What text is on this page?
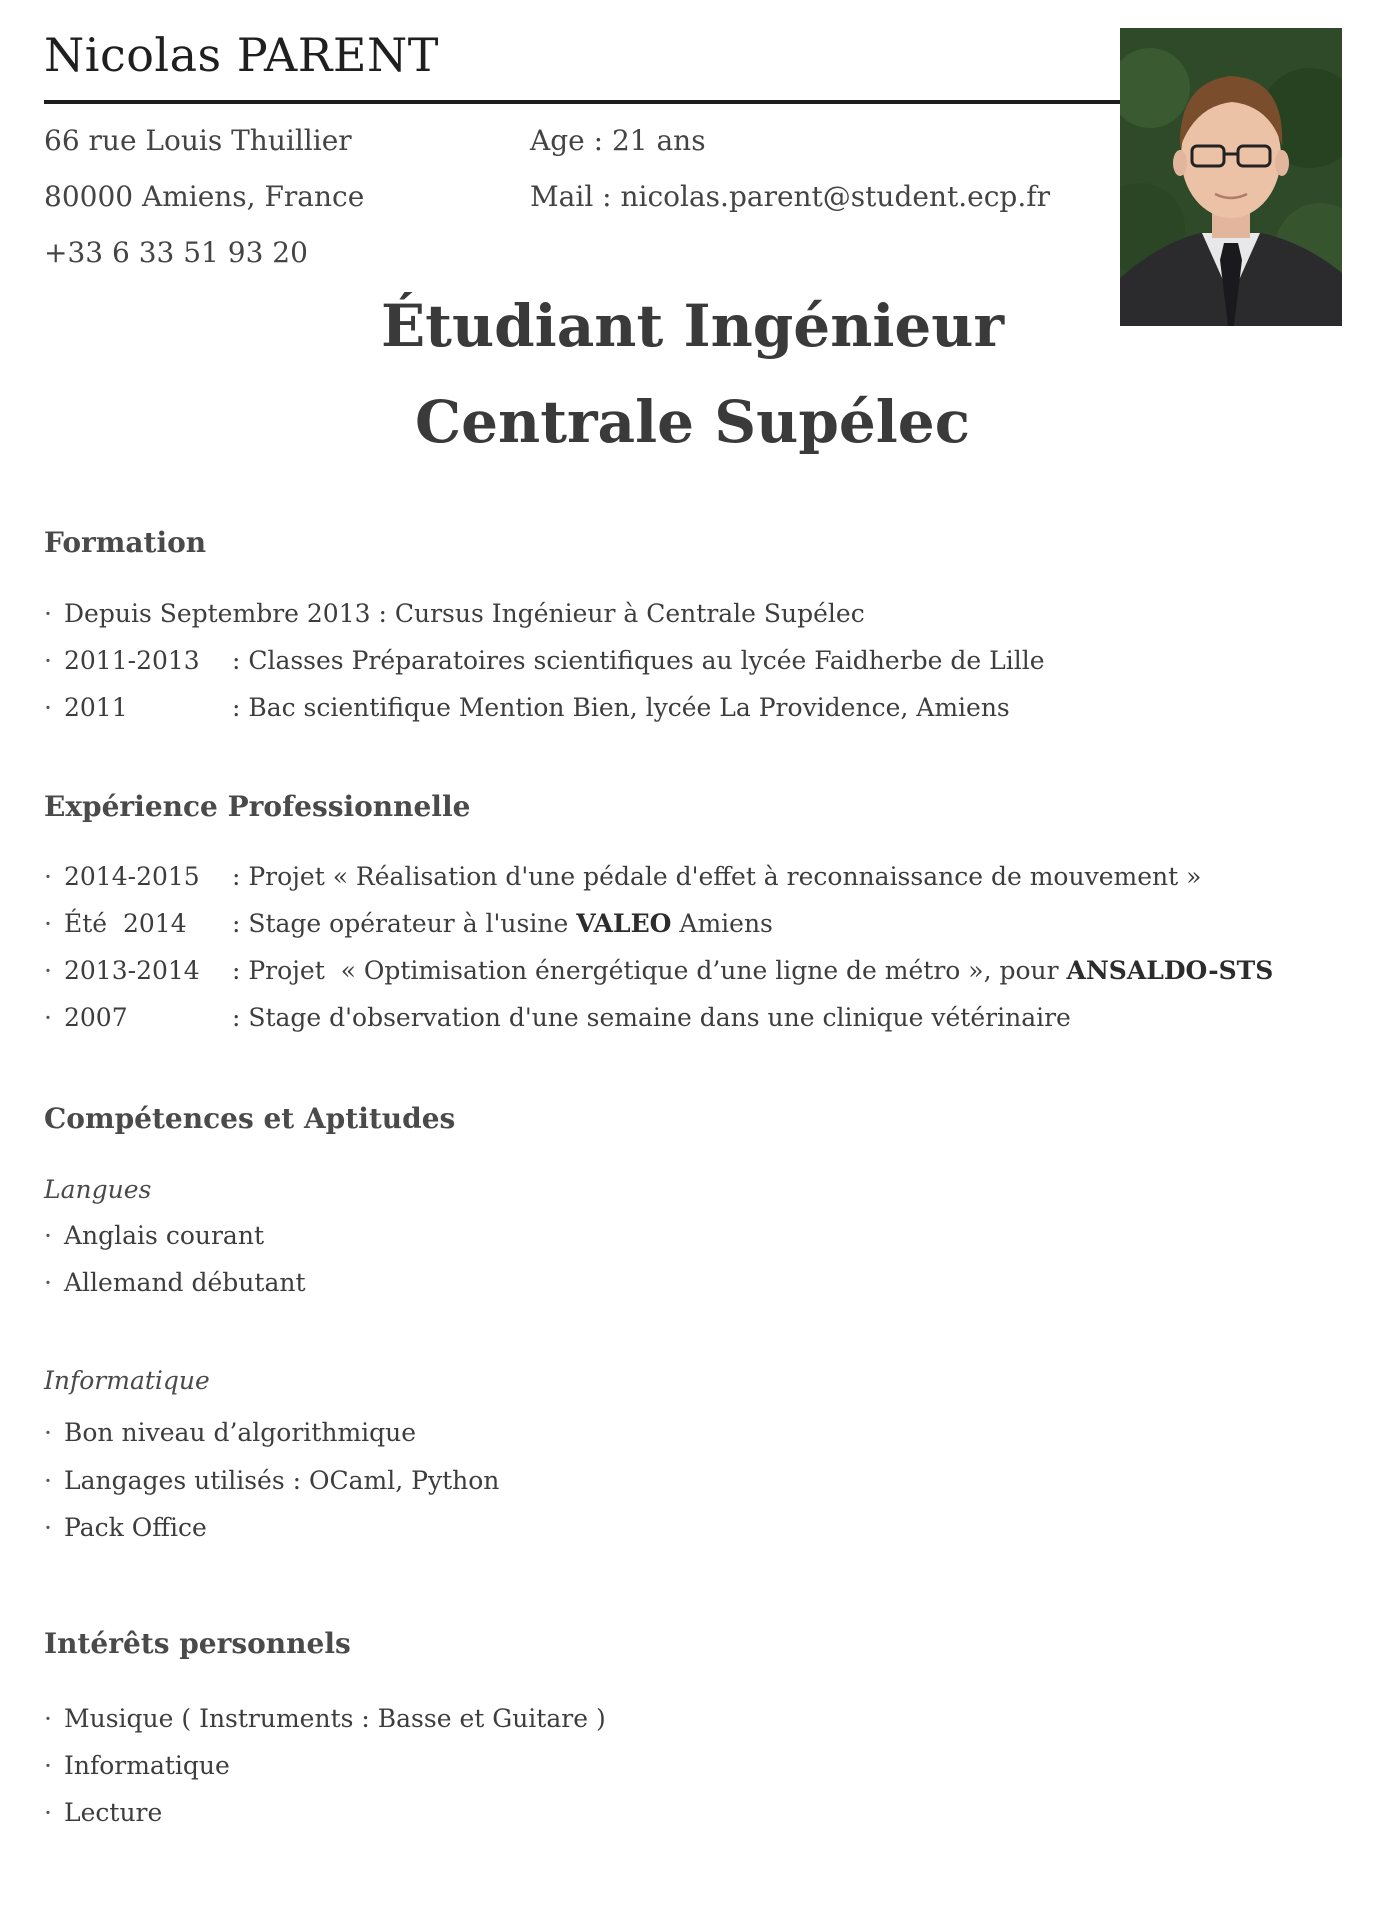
Nicolas PARENT
66 rue Louis Thuillier
80000 Amiens, France
+33 6 33 51 93 20
Age : 21 ans
Mail : nicolas.parent@student.ecp.fr
Étudiant Ingénieur
Centrale Supélec
Formation
· Depuis Septembre 2013 : Cursus Ingénieur à Centrale Supélec
· 2011-2013 : Classes Préparatoires scientifiques au lycée Faidherbe de Lille
· 2011	: Bac scientifique Mention Bien, lycée La Providence, Amiens
Expérience Professionnelle
· 2014-2015 : Projet « Réalisation d'une pédale d'effet à reconnaissance de mouvement »
· Été  2014 : Stage opérateur à l'usine VALEO Amiens
· 2013-2014 : Projet  « Optimisation énergétique d’une ligne de métro », pour ANSALDO-STS
· 2007	: Stage d'observation d'une semaine dans une clinique vétérinaire
Compétences et Aptitudes
Langues
· Anglais courant
· Allemand débutant
Informatique
· Bon niveau d’algorithmique
· Langages utilisés : OCaml, Python
· Pack Office
Intérêts personnels
· Musique ( Instruments : Basse et Guitare )
· Informatique
· Lecture
